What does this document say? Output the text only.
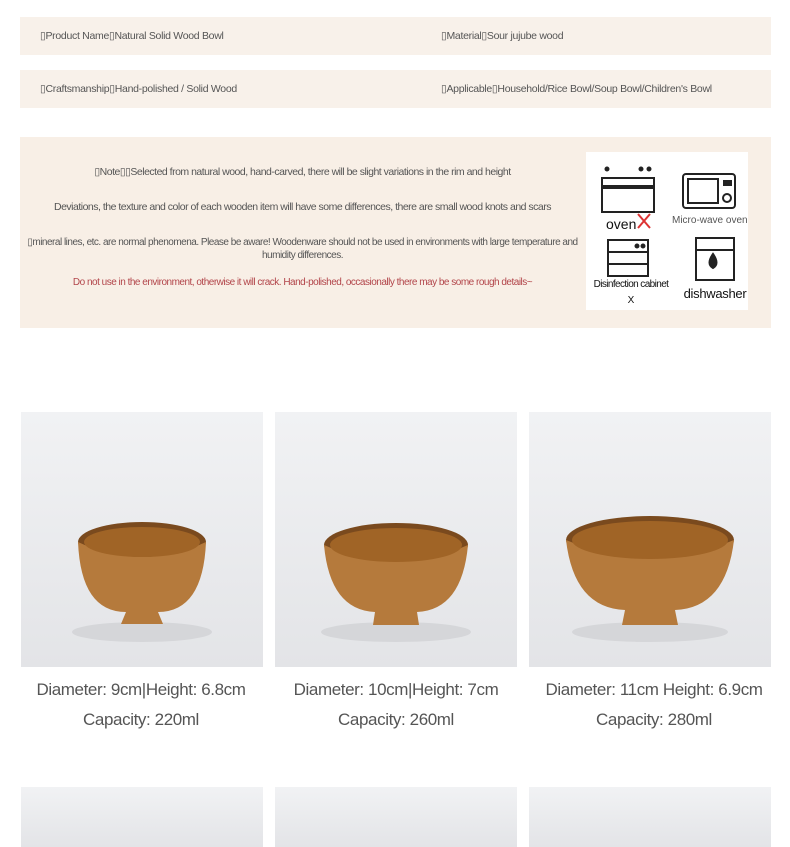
▯Product Name▯Natural Solid Wood Bowl	▯Material▯Sour jujube wood
▯Craftsmanship▯Hand-polished / Solid Wood	▯Applicable▯Household/Rice Bowl/Soup Bowl/Children's Bowl
▯Note▯▯Selected from natural wood, hand-carved, there will be slight variations in the rim and height
Deviations, the texture and color of each wooden item will have some differences, there are small wood knots and scars
▯mineral lines, etc. are normal phenomena. Please be aware! Woodenware should not be used in environments with large temperature and humidity differences.
Do not use in the environment, otherwise it will crack. Hand-polished, occasionally there may be some rough details~
oven	Micro-wave oven
Disinfection cabinet
X	dishwasher
Diameter: 9cm|Height: 6.8cm
Capacity: 220ml
Diameter: 10cm|Height: 7cm
Capacity: 260ml
Diameter: 11cm Height: 6.9cm
Capacity: 280ml
